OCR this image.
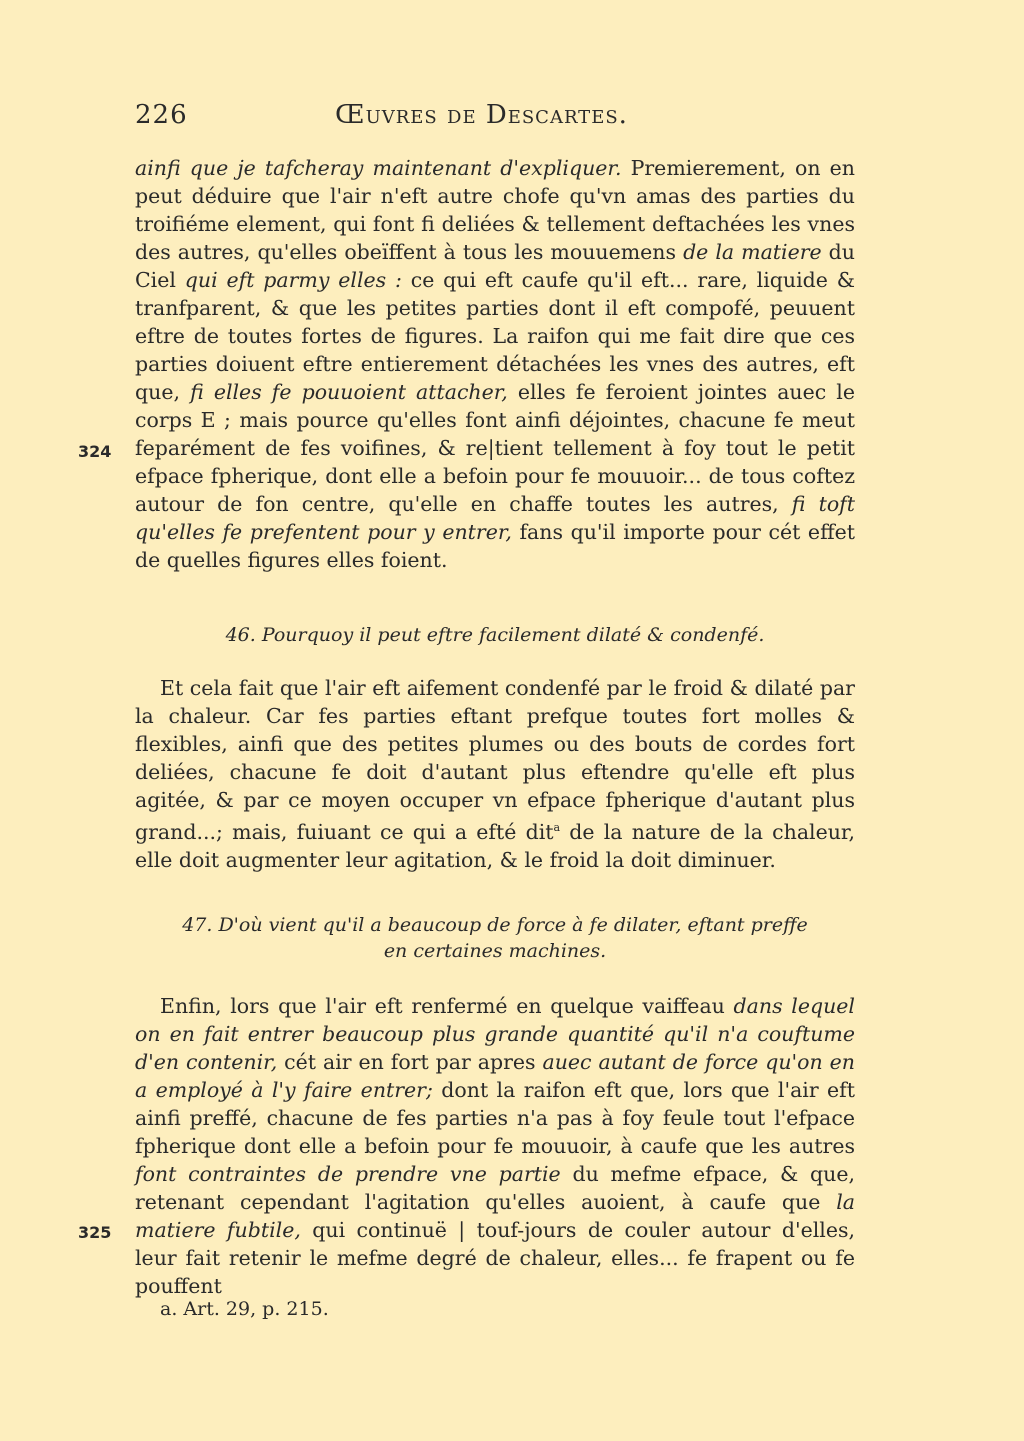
226	Œuvres de Descartes.

ainfi que je tafcheray maintenant d'expliquer. Premierement, on en peut déduire que l'air n'eft autre chofe qu'vn amas des parties du troifiéme element, qui font fi deliées & tellement deftachées les vnes des autres, qu'elles obeïffent à tous les mouuemens de la matiere du Ciel qui eft parmy elles : ce qui eft caufe qu'il eft... rare, liquide & tranfparent, & que les petites parties dont il eft compofé, peuuent eftre de toutes fortes de figures. La raifon qui me fait dire que ces parties doiuent eftre entierement détachées les vnes des autres, eft que, fi elles fe pouuoient attacher, elles fe feroient jointes auec le corps E ; mais pource qu'elles font ainfi déjointes, chacune fe meut feparément de fes voifines, & re|tient tellement à foy tout le petit efpace fpherique, dont elle a befoin pour fe mouuoir... de tous coftez autour de fon centre, qu'elle en chaffe toutes les autres, fi toft qu'elles fe prefentent pour y entrer, fans qu'il importe pour cét effet de quelles figures elles foient.

324
46. Pourquoy il peut eftre facilement dilaté & condenfé.

Et cela fait que l'air eft aifement condenfé par le froid & dilaté par la chaleur. Car fes parties eftant prefque toutes fort molles & flexibles, ainfi que des petites plumes ou des bouts de cordes fort deliées, chacune fe doit d'autant plus eftendre qu'elle eft plus agitée, & par ce moyen occuper vn efpace fpherique d'autant plus grand...; mais, fuiuant ce qui a efté dit$^a$ de la nature de la chaleur, elle doit augmenter leur agitation, & le froid la doit diminuer.

47. D'où vient qu'il a beaucoup de force à fe dilater, eftant preffe
en certaines machines.

Enfin, lors que l'air eft renfermé en quelque vaiffeau dans lequel on en fait entrer beaucoup plus grande quantité qu'il n'a couftume d'en contenir, cét air en fort par apres auec autant de force qu'on en a employé à l'y faire entrer; dont la raifon eft que, lors que l'air eft ainfi preffé, chacune de fes parties n'a pas à foy feule tout l'efpace fpherique dont elle a befoin pour fe mouuoir, à caufe que les autres font contraintes de prendre vne partie du mefme efpace, & que, retenant cependant l'agitation qu'elles auoient, à caufe que la matiere fubtile, qui continuë | touf-jours de couler autour d'elles, leur fait retenir le mefme degré de chaleur, elles... fe frapent ou fe pouffent

325
a. Art. 29, p. 215.
